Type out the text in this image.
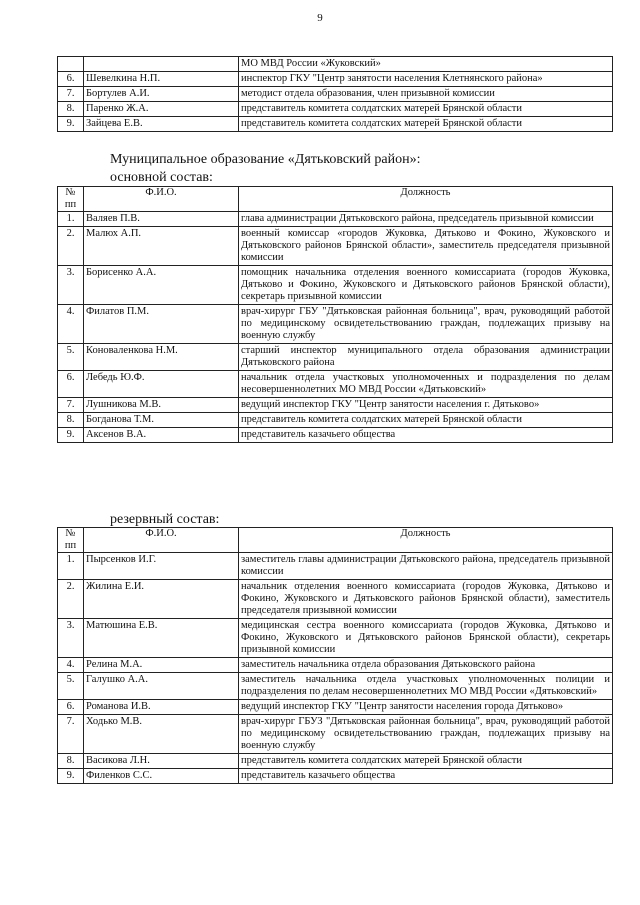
9
		МО МВД России «Жуковский»
6.	Шевелкина Н.П.	инспектор ГКУ "Центр занятости населения Клетнянского района»
7.	Бортулев А.И.	методист отдела образования, член призывной комиссии
8.	Паренко Ж.А.	представитель комитета солдатских матерей Брянской области
9.	Зайцева Е.В.	представитель комитета солдатских матерей Брянской области
Муниципальное образование «Дятьковский район»:
основной состав:
№ пп	Ф.И.О.	Должность
1.	Валяев П.В.	глава администрации Дятьковского района, председатель призывной комиссии
2.	Малюх А.П.	военный комиссар «городов Жуковка, Дятьково и Фокино, Жуковского и Дятьковского районов Брянской области», заместитель председателя призывной комиссии
3.	Борисенко А.А.	помощник начальника отделения военного комиссариата (городов Жуковка, Дятьково и Фокино, Жуковского и Дятьковского районов Брянской области), секретарь призывной комиссии
4.	Филатов П.М.	врач-хирург ГБУ "Дятьковская районная больница", врач, руководящий работой по медицинскому освидетельствованию граждан, подлежащих призыву на военную службу
5.	Коноваленкова Н.М.	старший инспектор муниципального отдела образования администрации Дятьковского района
6.	Лебедь Ю.Ф.	начальник отдела участковых уполномоченных и подразделения по делам несовершеннолетних МО МВД России «Дятьковский»
7.	Лушникова М.В.	ведущий инспектор ГКУ "Центр занятости населения г. Дятьково»
8.	Богданова Т.М.	представитель комитета солдатских матерей Брянской области
9.	Аксенов В.А.	представитель казачьего общества
резервный состав:
№ пп	Ф.И.О.	Должность
1.	Пырсенков И.Г.	заместитель главы администрации Дятьковского района, председатель призывной комиссии
2.	Жилина Е.И.	начальник отделения военного комиссариата (городов Жуковка, Дятьково и Фокино, Жуковского и Дятьковского районов Брянской области), заместитель председателя призывной комиссии
3.	Матюшина Е.В.	медицинская сестра военного комиссариата (городов Жуковка, Дятьково и Фокино, Жуковского и Дятьковского районов Брянской области), секретарь призывной комиссии
4.	Релина М.А.	заместитель начальника отдела образования Дятьковского района
5.	Галушко А.А.	заместитель начальника отдела участковых уполномоченных полиции и подразделения по делам несовершеннолетних МО МВД России «Дятьковский»
6.	Романова И.В.	ведущий инспектор ГКУ "Центр занятости населения города Дятьково»
7.	Ходько М.В.	врач-хирург ГБУЗ "Дятьковская районная больница", врач, руководящий работой по медицинскому освидетельствованию граждан, подлежащих призыву на военную службу
8.	Васикова Л.Н.	представитель комитета солдатских матерей Брянской области
9.	Филенков С.С.	представитель казачьего общества
